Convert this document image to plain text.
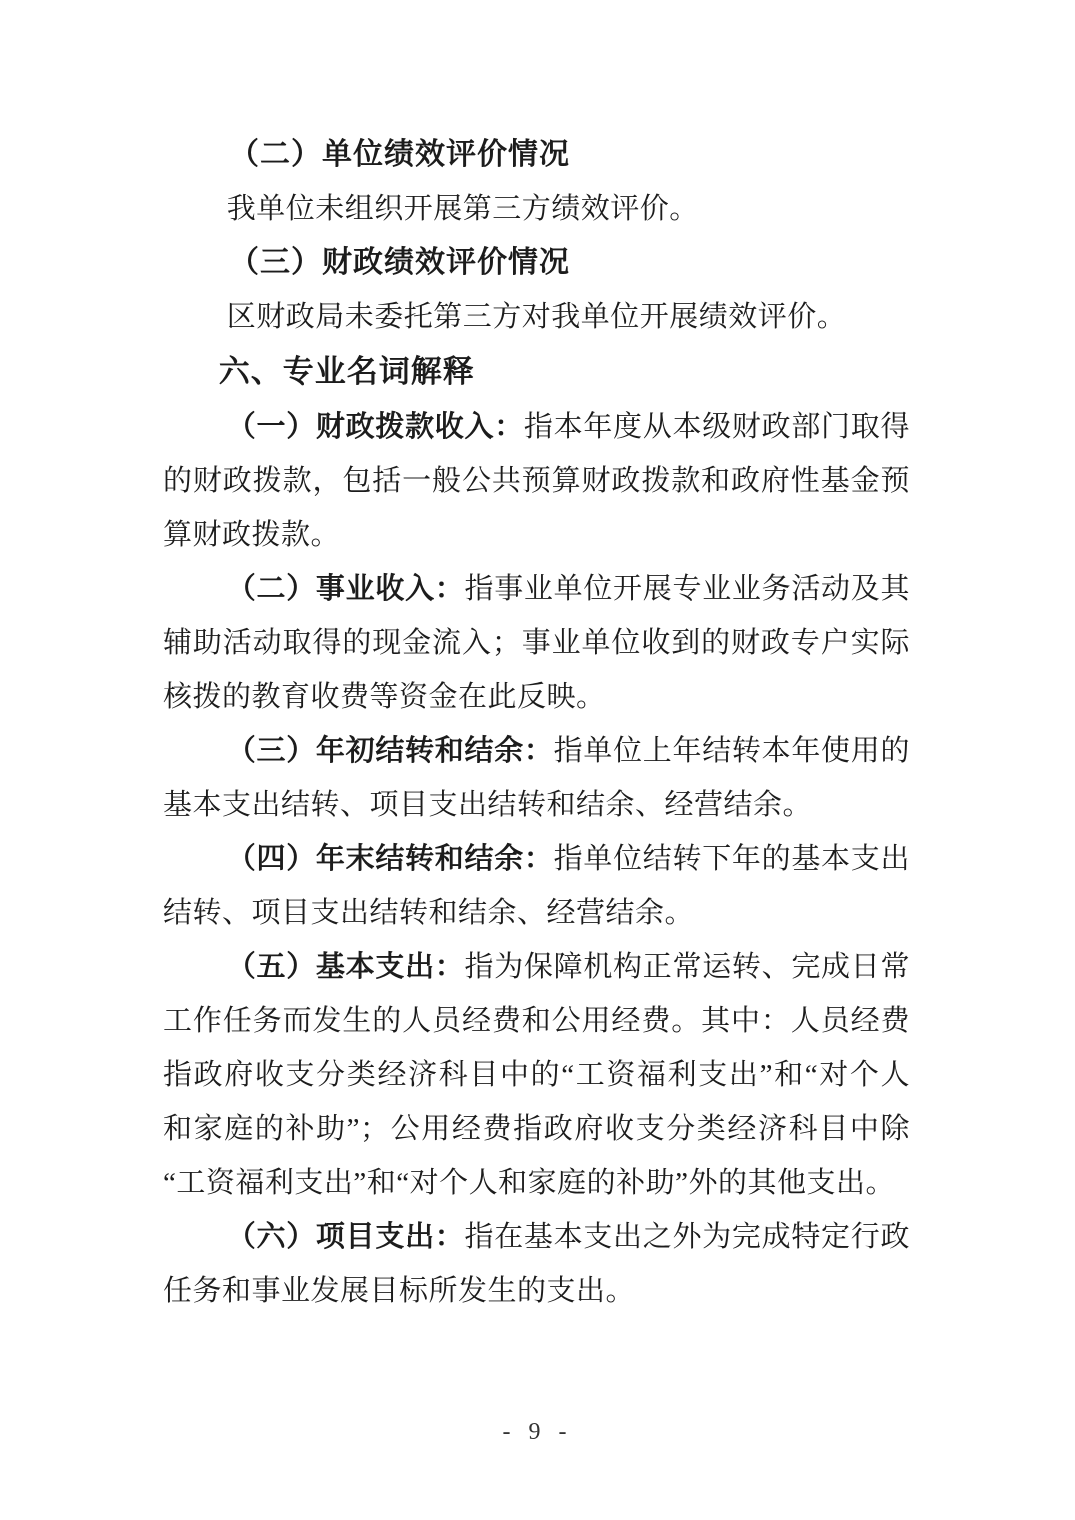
（二）单位绩效评价情况
我单位未组织开展第三方绩效评价。
（三）财政绩效评价情况
区财政局未委托第三方对我单位开展绩效评价。
六、专业名词解释
（一）财政拨款收入：指本年度从本级财政部门取得的财政拨款，包括一般公共预算财政拨款和政府性基金预算财政拨款。
（二）事业收入：指事业单位开展专业业务活动及其辅助活动取得的现金流入；事业单位收到的财政专户实际核拨的教育收费等资金在此反映。
（三）年初结转和结余：指单位上年结转本年使用的基本支出结转、项目支出结转和结余、经营结余。
（四）年末结转和结余：指单位结转下年的基本支出结转、项目支出结转和结余、经营结余。
（五）基本支出：指为保障机构正常运转、完成日常工作任务而发生的人员经费和公用经费。其中：人员经费指政府收支分类经济科目中的“工资福利支出”和“对个人和家庭的补助”；公用经费指政府收支分类经济科目中除“工资福利支出”和“对个人和家庭的补助”外的其他支出。
（六）项目支出：指在基本支出之外为完成特定行政任务和事业发展目标所发生的支出。
- 9 -
